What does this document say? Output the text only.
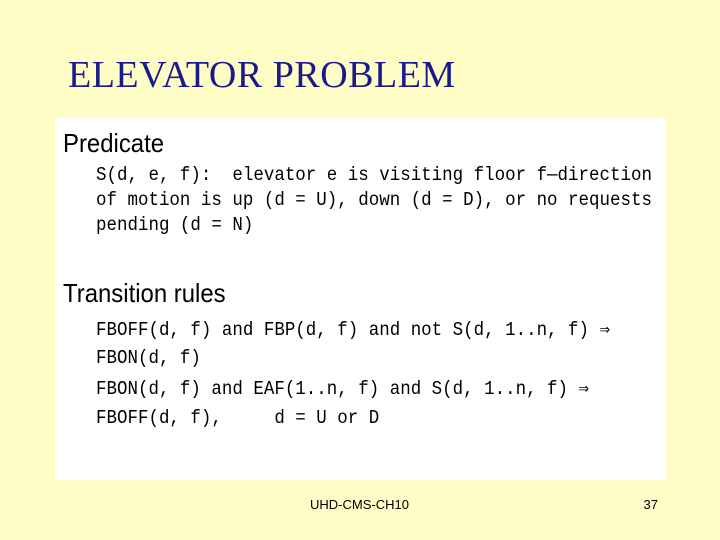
ELEVATOR PROBLEM
Predicate

S(d, e, f):  elevator e is visiting floor f—direction

of motion is up (d = U), down (d = D), or no requests

pending (d = N)

Transition rules

FBOFF(d, f) and FBP(d, f) and not S(d, 1..n, f) ⇒

FBON(d, f)

FBON(d, f) and EAF(1..n, f) and S(d, 1..n, f) ⇒

FBOFF(d, f),     d = U or D

UHD-CMS-CH10	37
